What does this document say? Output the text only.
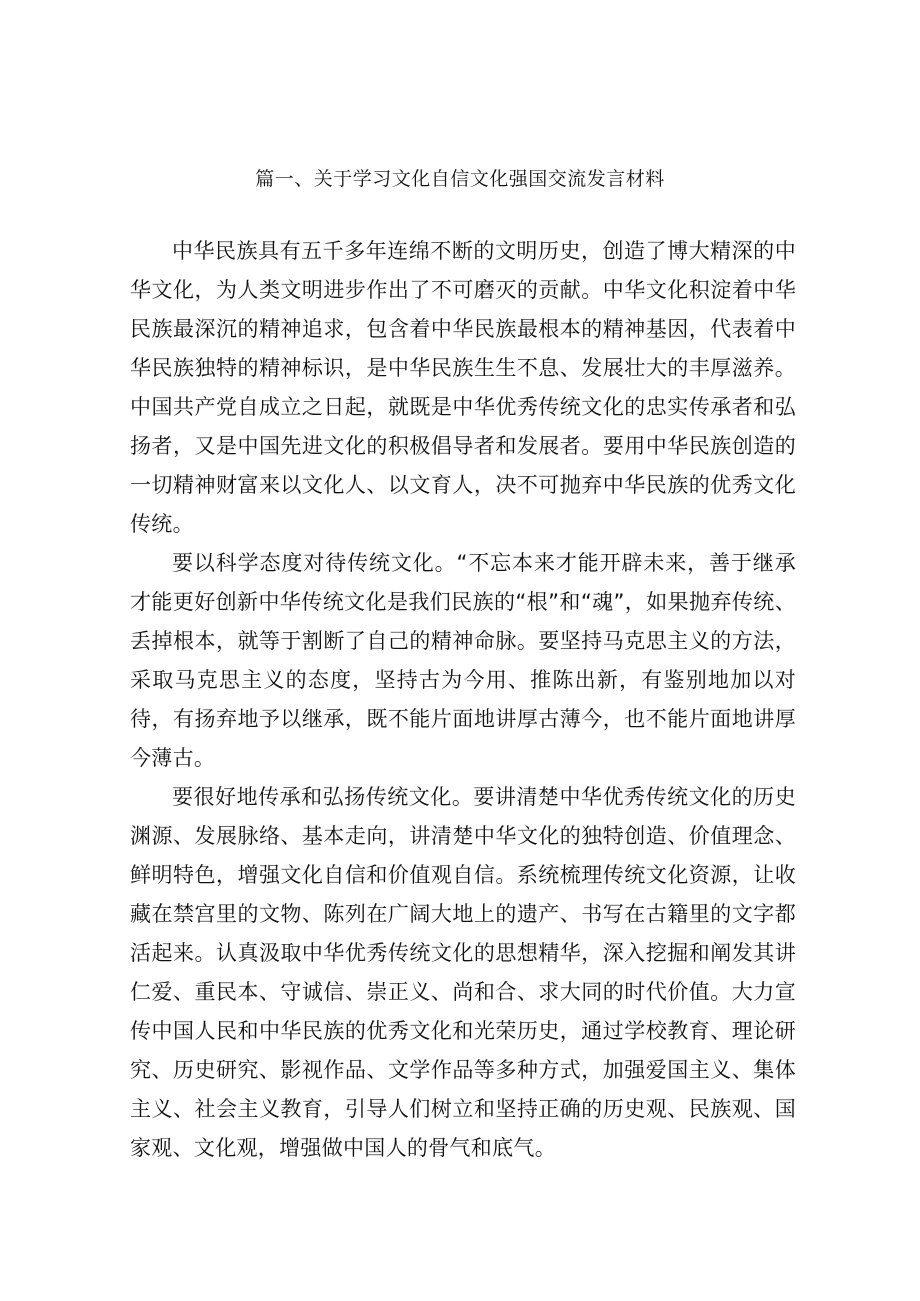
篇一、关于学习文化自信文化强国交流发言材料

中华民族具有五千多年连绵不断的文明历史，创造了博大精深的中华文化，为人类文明进步作出了不可磨灭的贡献。中华文化积淀着中华民族最深沉的精神追求，包含着中华民族最根本的精神基因，代表着中华民族独特的精神标识，是中华民族生生不息、发展壮大的丰厚滋养。中国共产党自成立之日起，就既是中华优秀传统文化的忠实传承者和弘扬者，又是中国先进文化的积极倡导者和发展者。要用中华民族创造的一切精神财富来以文化人、以文育人，决不可抛弃中华民族的优秀文化传统。

要以科学态度对待传统文化。“不忘本来才能开辟未来，善于继承才能更好创新中华传统文化是我们民族的“根”和“魂”，如果抛弃传统、丢掉根本，就等于割断了自己的精神命脉。要坚持马克思主义的方法，采取马克思主义的态度，坚持古为今用、推陈出新，有鉴别地加以对待，有扬弃地予以继承，既不能片面地讲厚古薄今，也不能片面地讲厚今薄古。

要很好地传承和弘扬传统文化。要讲清楚中华优秀传统文化的历史渊源、发展脉络、基本走向，讲清楚中华文化的独特创造、价值理念、鲜明特色，增强文化自信和价值观自信。系统梳理传统文化资源，让收藏在禁宫里的文物、陈列在广阔大地上的遗产、书写在古籍里的文字都活起来。认真汲取中华优秀传统文化的思想精华，深入挖掘和阐发其讲仁爱、重民本、守诚信、崇正义、尚和合、求大同的时代价值。大力宣传中国人民和中华民族的优秀文化和光荣历史，通过学校教育、理论研究、历史研究、影视作品、文学作品等多种方式，加强爱国主义、集体主义、社会主义教育，引导人们树立和坚持正确的历史观、民族观、国家观、文化观，增强做中国人的骨气和底气。
